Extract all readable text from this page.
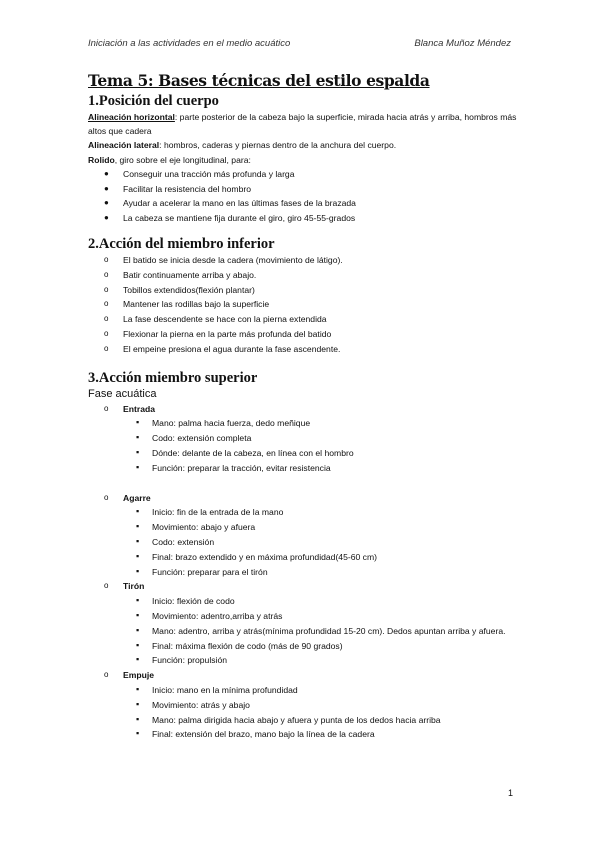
Iniciación a las actividades en el medio acuático	Blanca Muñoz Méndez
Tema 5: Bases técnicas del estilo espalda
1.Posición del cuerpo
Alineación horizontal: parte posterior de la cabeza bajo la superficie, mirada hacia atrás y arriba, hombros más altos que cadera
Alineación lateral: hombros, caderas y piernas dentro de la anchura del cuerpo.
Rolido, giro sobre el eje longitudinal, para:
● Conseguir una tracción más profunda y larga
● Facilitar la resistencia del hombro
● Ayudar a acelerar la mano en las últimas fases de la brazada
● La cabeza se mantiene fija durante el giro, giro 45-55-grados
2.Acción del miembro inferior
o El batido se inicia desde la cadera (movimiento de látigo).
o Batir continuamente arriba y abajo.
o Tobillos extendidos(flexión plantar)
o Mantener las rodillas bajo la superficie
o La fase descendente se hace con la pierna extendida
o Flexionar la pierna en la parte más profunda del batido
o El empeine presiona el agua durante la fase ascendente.
3.Acción miembro superior
Fase acuática
o Entrada
▪ Mano: palma hacia fuerza, dedo meñique
▪ Codo: extensión completa
▪ Dónde: delante de la cabeza, en línea con el hombro
▪ Función: preparar la tracción, evitar resistencia
o Agarre
▪ Inicio: fin de la entrada de la mano
▪ Movimiento: abajo y afuera
▪ Codo: extensión
▪ Final: brazo extendido y en máxima profundidad(45-60 cm)
▪ Función: preparar para el tirón
o Tirón
▪ Inicio: flexión de codo
▪ Movimiento: adentro,arriba y atrás
▪ Mano: adentro, arriba y atrás(mínima profundidad 15-20 cm). Dedos apuntan arriba y afuera.
▪ Final: máxima flexión de codo (más de 90 grados)
▪ Función: propulsión
o Empuje
▪ Inicio: mano en la mínima profundidad
▪ Movimiento: atrás y abajo
▪ Mano: palma dirigida hacia abajo y afuera y punta de los dedos hacia arriba
▪ Final: extensión del brazo, mano bajo la línea de la cadera
1
